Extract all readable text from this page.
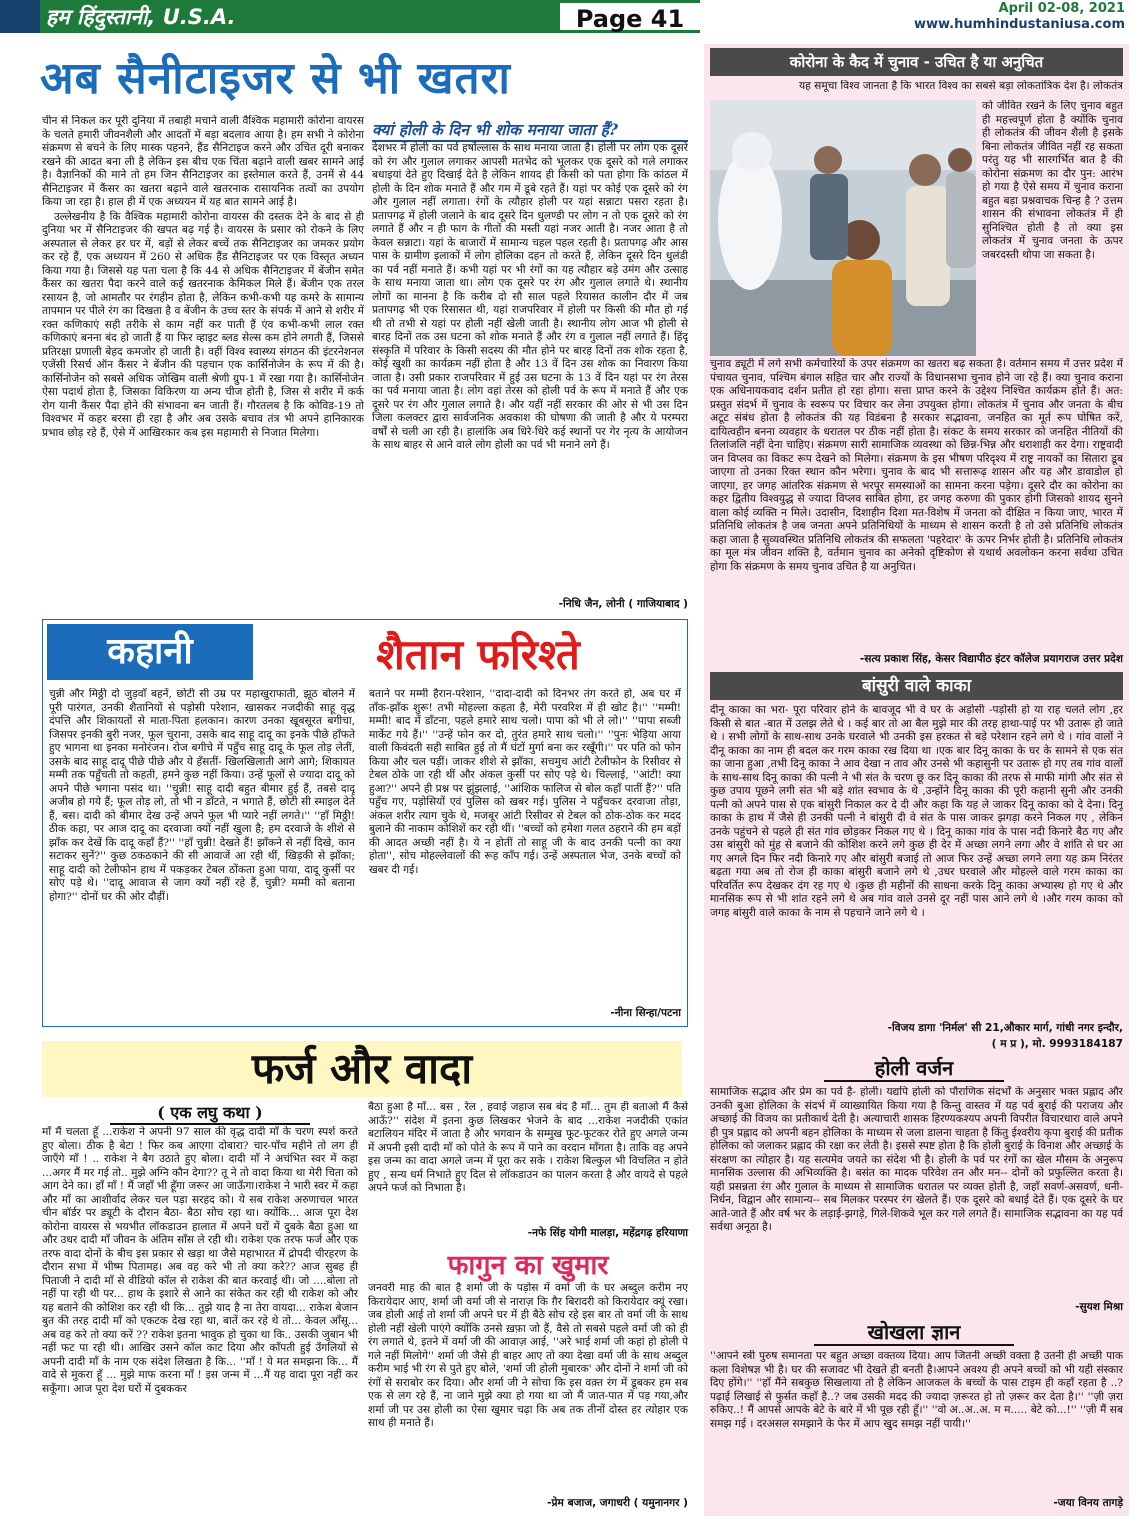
हम हिंदुस्तानी, U.S.A.	Page 41	April 02-08, 2021
www.humhindustaniusa.com
अब सैनीटाइजर से भी खतरा

चीन से निकल कर पूरी दुनिया में तबाही मचाने वाली वैश्विक महामारी कोरोना वायरस के चलते हमारी जीवनशैली और आदतों में बड़ा बदलाव आया है। हम सभी ने कोरोना संक्रमण से बचने के लिए मास्क पहनने, हैंड सैनिटाइज करने और उचित दूरी बनाकर रखने की आदत बना ली है लेकिन इस बीच एक चिंता बढ़ाने वाली खबर सामने आई है। वैज्ञानिकों की माने तो हम जिन सैनिटाइजर का इस्तेमाल करते हैं, उनमें से 44 सैनिटाइजर में कैंसर का खतरा बढ़ाने वाले खतरनाक रासायनिक तत्वों का उपयोग किया जा रहा है। हाल ही में एक अध्ययन में यह बात सामने आई है।

उल्लेखनीय है कि वैश्विक महामारी कोरोना वायरस की दस्तक देने के बाद से ही दुनिया भर में सैनिटाइजर की खपत बढ़ गई है। वायरस के प्रसार को रोकने के लिए अस्पताल से लेकर हर घर में, बड़ों से लेकर बच्चें तक सैनिटाइजर का जमकर प्रयोग कर रहे हैं, एक अध्ययन में 260 से अधिक हैंड सैनिटाइजर पर एक विस्तृत अध्यन किया गया है। जिससे यह पता चला है कि 44 से अधिक सैनिटाइजर में बेंजीन समेत कैंसर का खतरा पैदा करने वाले कई खतरनाक केमिकल मिले हैं। बेंजीन एक तरल रसायन है, जो आमतौर पर रंगहीन होता है, लेकिन कभी-कभी यह कमरे के सामान्य तापमान पर पीले रंग का दिखता है व बेंजीन के उच्च स्तर के संपर्क में आने से शरीर में रक्त कणिकाएं सही तरीके से काम नहीं कर पाती हैं एंव कभी-कभी लाल रक्त कणिकाएं बनना बंद हो जाती हैं या फिर व्हाइट ब्लड सेल्स कम होने लगती हैं, जिससे प्रतिरक्षा प्रणाली बेहद कमजोर हो जाती है। वहीं विश्व स्वास्थ्य संगठन की इंटरनेशनल एजेंसी रिसर्च ऑन कैंसर ने बेंजीन की पहचान एक कार्सिनोजेन के रूप में की है। कार्सिनोजेन को सबसे अधिक जोखिम वाली श्रेणी ग्रुप-1 में रखा गया है। कार्सिनोजेन ऐसा पदार्थ होता है, जिसका विकिरण या अन्य चीज होती है, जिस से शरीर में कर्क रोग यानी कैंसर पैदा होने की संभावना बन जाती हैं। गौरतलब है कि कोविड-19 तो विश्वभर में कहर बरसा ही रहा है और अब उसके बचाव तंत्र भी अपने हानिकारक प्रभाव छोड़ रहे हैं, ऐसे में आखिरकार कब इस महामारी से निजात मिलेगा।

क्यां होली के दिन भी शोक मनाया जाता हैं?
देशभर में होली का पर्व हर्षोल्लास के साथ मनाया जाता है। होली पर लोग एक दूसरे को रंग और गुलाल लगाकर आपसी मतभेद को भूलकर एक दूसरे को गले लगाकर बधाइयां देते हुए दिखाई देते है लेकिन शायद ही किसी को पता होगा कि कांठल में होली के दिन शोक मनाते हैं और गम में डूबे रहते हैं। यहां पर कोई एक दूसरे को रंग और गुलाल नहीं लगाता। रंगों के त्यौहार होली पर यहां सन्नाटा पसरा रहता है। प्रतापगढ़ में होली जलाने के बाद दूसरे दिन धुलण्डी पर लोग न तो एक दूसरे को रंग लगाते हैं और न ही फाग के गीतों की मस्ती यहां नजर आती है। नजर आता है तो केवल सन्नाटा। यहां के बाजारों में सामान्य चहल पहल रहती है। प्रतापगढ़ और आस पास के ग्रामीण इलाकों में लोग होलिका दहन तो करते हैं, लेकिन दूसरे दिन धुलंडी का पर्व नहीं मनाते हैं। कभी यहां पर भी रंगों का यह त्यौहार बड़े उमंग और उत्साह के साथ मनाया जाता था। लोग एक दूसरे पर रंग और गुलाल लगाते थे। स्थानीय लोगों का मानना है कि करीब दो सौ साल पहले रियासत कालीन दौर में जब प्रतापगढ़ भी एक रिसासत थी, यहां राजपरिवार में होली पर किसी की मौत हो गई थी तो तभी से यहां पर होली नहीं खेली जाती है। स्थानीय लोग आज भी होली से बारह दिनों तक उस घटना को शोक मनाते हैं और रंग व गुलाल नहीं लगाते हैं। हिंदू संस्कृति में परिवार के किसी सदस्य की मौत होने पर बारह दिनों तक शोक रहता है, कोई खुशी का कार्यक्रम नहीं होता है और 13 वें दिन उस शोक का निवारण किया जाता है। उसी प्रकार राजपरिवार में हुई उस घटना के 13 वें दिन यहां पर रंग तेरस का पर्व मनाया जाता है। लोग वहां तेरस को होली पर्व के रूप में मनाते हैं और एक दूसरे पर रंग और गुलाल लगाते है। और यहीं नहीं सरकार की ओर से भी उस दिन जिला कलक्टर द्वारा सार्वजनिक अवकाश की घोषणा की जाती है और ये परम्परा वर्षों से चली आ रही है। हालांकि अब धिरे-धिरे कई स्थानों पर गेर नृत्य के आयोजन के साथ बाहर से आने वाले लोग होली का पर्व भी मनाने लगे हैं।
-निधि जैन, लोनी ( गाजियाबाद )
कहानी	शैतान फरिश्ते
चुन्नी और मिठ्ठी दो जुड़वाँ बहनें, छोटी सी उम्र पर महाखुराफाती, झूठ बोलने में पूरी पारंगत, उनकी शैतानियों से पड़ोसी परेशान, खासकर नजदीकी साहू वृद्ध दंपत्ति और शिकायतों से माता-पिता हलकान। कारण उनका खूबसूरत बगीचा, जिसपर इनकी बुरी नजर, फूल चुराना, उसके बाद साहू दादू का इनके पीछे हाँफते हुए भागना था इनका मनोरंजन। रोज बगीचे में पहुँच साहू दादू के फूल तोड़ लेतीं, उसके बाद साहू दादू पीछे पीछे और ये हँसतीं- खिलखिलाती आगे आगे; शिकायत मम्मी तक पहुँचती तो कहती, हमने कुछ नहीं किया। उन्हें फूलों से ज्यादा दादू को अपने पीछे भगाना पसंद था। ''चुन्नी! साहू दादी बहुत बीमार हुई हैं, तबसे दादू अजीब हो गये हैं; फूल तोड़ लो, तो भी न डाँटते, न भगाते हैं, छोटी सी स्माइल देते हैं, बस। दादी को बीमार देख उन्हें अपने फूल भी प्यारे नहीं लगते।'' ''हाँ मिठ्ठी! ठीक कहा, पर आज दादू का दरवाजा क्यों नहीं खुला है; हम दरवाजे के शीशे से झाँक कर देखें कि दादू कहाँ हैं?'' ''हाँ चुन्नी! देखते हैं! झाँकने से नहीं दिखे, कान सटाकर सुनें?'' कुछ ठकठकाने की सी आवाजें आ रही थीं, खिड़की से झाँका; साहू दादी को टेलीफोन हाथ में पकड़कर टेबल ठोंकता हुआ पाया, दादू कुर्सी पर सोए पड़े थे। ''दादू आवाज से जाग क्यों नहीं रहे हैं, चुन्नी? मम्मी को बताना होगा?'' दोनों घर की ओर दौड़ीं।
बताने पर मम्मी हैरान-परेशान, ''दादा-दादी को दिनभर तंग करते हो, अब घर में ताँक-झाँक शुरू! तभी मोहल्ला कहता है, मेरी परवरिश में ही खोट है।'' ''मम्मी! मम्मी! बाद में डाँटना, पहले हमारे साथ चलो। पापा को भी ले लो।'' ''पापा सब्जी मार्केट गये हैं।'' ''उन्हें फोन कर दो, तुरंत हमारे साथ चलो।'' ''पुनः भेड़िया आया वाली किवंदती सही साबित हुई तो मैं घंटों मुर्गा बना कर रखूँगी।'' पर पति को फोन किया और चल पड़ीं। जाकर शीशे से झाँका, सचमुच आंटी टेलीफोन के रिसीवर से टेबल ठोके जा रही थीं और अंकल कुर्सी पर सोए पड़े थे। चिल्लाई, ''आंटी! क्या हुआ?'' अपने ही प्रश्न पर झुंझलाई, ''आंशिक फालिज से बोल कहाँ पातीं हैं?'' पति पहुँच गए, पड़ोसियों एवं पुलिस को खबर गई। पुलिस ने पहुँचकर दरवाजा तोड़ा, अंकल शरीर त्याग चुके थे, मजबूर आंटी रिसीवर से टेबल को ठोक-ठोक कर मदद बुलाने की नाकाम कोशिशें कर रही थीं। ''बच्चों को हमेशा गलत ठहराने की हम बड़ों की आदत अच्छी नहीं है। ये न होतीं तो साहू जी के बाद उनकी पत्नी का क्या होता'', सोच मोहल्लेवालों की रूह काँप गई। उन्हें अस्पताल भेज, उनके बच्चों को खबर दी गई।
-नीना सिन्हा/पटना
फर्ज और वादा
( एक लघु कथा )
माँ मैं चलता हूँ ...राकेश ने अपनी 97 साल की वृद्ध दादी माँ के चरण स्पर्श करते हुए बोला। ठीक है बेटा ! फिर कब आएगा दोबारा? चार-पाँच महीने तो लग ही जाएँगे माँ ! .. राकेश ने बैग उठाते हुए बोला। दादी माँ ने अचंभित स्वर में कहा ...अगर मैं मर गई तो.. मुझे अग्नि कौन देगा?? तू ने तो वादा किया था मेरी चिता को आग देने का। हाँ माँ ! मैं जहाँ भी हूँगा जरूर आ जाऊँगा।राकेश ने भारी स्वर में कहा और माँ का आशीर्वाद लेकर चल पड़ा सरहद को। ये सब राकेश अरुणाचल भारत चीन बॉर्डर पर ड्यूटी के दौरान बैठा- बैठा सोच रहा था। क्योंकि... आज पूरा देश कोरोना वायरस से भयभीत लॉकडाउन हालात में अपने घरों में दुबके बैठा हुआ था और उधर दादी माँ जीवन के अंतिम साँस ले रही थी। राकेश एक तरफ फर्ज और एक तरफ वादा दोनों के बीच इस प्रकार से खड़ा था जैसे महाभारत में द्रोपदी चीरहरण के दौरान सभा में भीष्म पितामह। अब वह करे भी तो क्या करे?? आज सुबह ही पिताजी ने दादी माँ से वीडियो कॉल से राकेश की बात करवाई थी। जो ....बोला तो नहीं पा रही थी पर... हाथ के इशारे से आने का संकेत कर रही थी राकेश को और यह बताने की कोशिश कर रही थी कि... तुझे याद है ना तेरा वायदा... राकेश बेजान बुत की तरह दादी माँ को एकटक देख रहा था, बातें कर रहे थे तो... केवल आँसू... अब वह करे तो क्या करें ?? राकेश इतना भावुक हो चुका था कि.. उसकी जुबान भी नहीं फट पा रही थी। आखिर उसने कॉल काट दिया और काँपती हुई उँगलियों से अपनी दादी माँ के नाम एक संदेश लिखता है कि... ''माँ ! ये मत समझना कि... मैं वादे से मुकरा हूँ ... मुझे माफ करना माँ ! इस जन्म में ...मैं यह वादा पूरा नहीं कर सकूँगा। आज पूरा देश घरों में दुबककर
बैठा हुआ है माँ... बस , रेल , हवाई जहाज सब बंद है माँ... तुम ही बताओ मैं कैसे आऊँ?'' संदेश में इतना कुछ लिखकर भेजने के बाद ...राकेश नजदीकी एकांत बटालियन मंदिर में जाता है और भगवान के सम्मुख फूट-फूटकर रोते हुए अगले जन्म में अपनी इसी दादी माँ को पोते के रूप में पाने का वरदान माँगता है। ताकि वह अपने इस जन्म का वादा अगले जन्म में पूरा कर सके । राकेश बिल्कुल भी विचलित न होते हुए , सन्य धर्म निभाते हुए दिल से लॉकडाउन का पालन करता है और वायदे से पहले अपने फर्ज को निभाता है।
-नफे सिंह योगी मालड़ा, महेंद्रगढ़ हरियाणा
फागुन का खुमार
जनवरी माह की बात है शर्मा जी के पड़ोस में वर्मा जी के घर अब्दुल करीम नए किरायेदार आए, शर्मा जी वर्मा जी से नाराज़ कि ग़ैर बिरादरी को किरायेदार क्यूं रखा। जब होली आई तो शर्मा जी अपने घर में ही बैठे सोच रहे इस बार तो वर्मा जी के साथ होली नहीं खेली पाएंगे क्योंकि उनसे ख़फ़ा जो हैं, वैसे तो सबसे पहले वर्मा जी को ही रंग लगाते थे, इतने में वर्मा जी की आवाज़ आई, ''अरे भाई शर्मा जी कहां हो होली पे गले नहीं मिलोगे'' शर्मा जी जैसे ही बाहर आए तो क्या देखा वर्मा जी के साथ अब्दुल करीम भाई भी रंग से पुते हुए बोले, 'शर्मा जी होली मुबारक' और दोनों ने शर्मा जी को रंगों से सराबोर कर दिया। और शर्मा जी ने सोचा कि इस वक़्त रंग में डूबकर हम सब एक से लग रहे हैं, ना जाने मुझे क्या हो गया था जो मैं जात-पात में पड़ गया,और शर्मा जी पर उस होली का ऐसा खुमार चढ़ा कि अब तक तीनों दोस्त हर त्योहार एक साथ ही मनाते हैं।
-प्रेम बजाज, जगाधरी ( यमुनानगर )
कोरोना के कैद में चुनाव - उचित है या अनुचित
यह समूचा विश्व जानता है कि भारत विश्व का सबसे बड़ा लोकतांत्रिक देश है। लोकतंत्र
को जीवित रखने के लिए चुनाव बहुत ही महत्त्वपूर्ण होता है क्योंकि चुनाव ही लोकतंत्र की जीवन शैली है इसके बिना लोकतंत्र जीवित नहीं रह सकता परंतु यह भी सारगर्भित बात है की कोरोना संक्रमण का दौर पुन: आरंभ हो गया है ऐसे समय में चुनाव कराना बहुत बड़ा प्रश्नवाचक चिन्ह है ? उत्तम शासन की संभावना लोकतंत्र में ही सुनिश्चित होती है तो क्या इस लोकतंत्र में चुनाव जनता के ऊपर जबरदस्ती थोपा जा सकता है।
चुनाव ड्यूटी में लगे सभी कर्मचारियों के उपर संक्रमण का खतरा बढ़ सकता है। वर्तमान समय में उत्तर प्रदेश में पंचायत चुनाव, पश्चिम बंगाल सहित चार और राज्यों के विधानसभा चुनाव होने जा रहे हैं। क्या चुनाव कराना एक अधिनायकवाद दर्शन प्रतीत हो रहा होगा। सत्ता प्राप्त करने के उद्देश्य निश्चित कार्यक्रम होते हैं। अत: प्रस्तुत संदर्भ में चुनाव के स्वरूप पर विचार कर लेना उपयुक्त होगा। लोकतंत्र में चुनाव और जनता के बीच अटूट संबंध होता है लोकतंत्र की यह विडंबना है सरकार सद्भावना, जनहित का मूर्त रूप घोषित करें, दायित्वहीन बनना व्यवहार के धरातल पर ठीक नहीं होता है। संकट के समय सरकार को जनहित नीतियों की तिलांजलि नहीं देना चाहिए। संक्रमण सारी सामाजिक व्यवस्था को छिन्न-भिन्न और धराशाही कर देगा। राष्ट्रवादी जन विप्लव का विकट रूप देखने को मिलेगा। संक्रमण के इस भीषण परिदृश्य में राष्ट्र नायकों का सितारा डूब जाएगा तो उनका रिक्त स्थान कौन भरेगा। चुनाव के बाद भी सत्तारूढ़ शासन और यह और डावाडोल हो जाएगा, हर जगह आंतरिक संक्रमण से भरपूर समस्याओं का सामना करना पड़ेगा। दूसरे दौर का कोरोना का कहर द्वितीय विश्वयुद्ध से ज्यादा विप्लव साबित होगा, हर जगह करुणा की पुकार होगी जिसको शायद सुनने वाला कोई व्यक्ति न मिले। उदासीन, दिशाहीन दिशा मत-विशेष में जनता को दीक्षित न किया जाए, भारत में प्रतिनिधि लोकतंत्र है जब जनता अपने प्रतिनिधियों के माध्यम से शासन करती है तो उसे प्रतिनिधि लोकतंत्र कहा जाता है सुव्यवस्थित प्रतिनिधि लोकतंत्र की सफलता 'पहरेदार' के ऊपर निर्भर होती है। प्रतिनिधि लोकतंत्र का मूल मंत्र जीवन शक्ति है, वर्तमान चुनाव का अनेको दृष्टिकोण से यथार्थ अवलोकन करना सर्वथा उचित होगा कि संक्रमण के समय चुनाव उचित है या अनुचित।
-सत्य प्रकाश सिंह, केसर विद्यापीठ इंटर कॉलेज प्रयागराज उत्तर प्रदेश
बांसुरी वाले काका
दीनू काका का भरा- पूरा परिवार होने के बावजूद भी वे घर के अड़ोसी -पड़ोसी हो या राह चलते लोग ,हर किसी से बात -बात में उलझ लेते थे । कई बार तो आ बैल मुझे मार की तरह हाथा-पाई पर भी उतारू हो जाते थे । सभी लोगों के साथ-साथ उनके घरवाले भी उनकी इस हरकत से बड़े परेशान रहने लगे थे । गांव वालों ने दीनू काका का नाम ही बदल कर गरम काका रख दिया था ।एक बार दिनू काका के घर के सामने से एक संत का जाना हुआ ,तभी दिनू काका ने आव देखा न ताव और उनसे भी कहासुनी पर उतारू हो गए तब गांव वालों के साथ-साथ दिनू काका की पत्नी ने भी संत के चरण छू कर दिनू काका की तरफ से माफी मांगी और संत से कुछ उपाय पूछने लगी संत भी बड़े शांत स्वभाव के थे ,उन्होंने दिनू काका की पूरी कहानी सुनी और उनकी पत्नी को अपने पास से एक बांसुरी निकाल कर दे दी और कहा कि यह ले जाकर दिनू काका को दे देना। दिनू काका के हाथ में जैसे ही उनकी पत्नी ने बांसुरी दी वे संत के पास जाकर झगड़ा करने निकल गए , लेकिन उनके पहुंचने से पहले ही संत गांव छोड़कर निकल गए थे । दिनू काका गांव के पास नदी किनारे बैठ गए और उस बांसुरी को मुंह से बजाने की कोशिश करने लगे कुछ ही देर में अच्छा लगने लगा और वे शांति से घर आ गए अगले दिन फिर नदी किनारे गए और बांसुरी बजाई तो आज फिर उन्हें अच्छा लगने लगा यह क्रम निरंतर बढ़ता गया अब तो रोज ही काका बांसुरी बजाने लगे थे ,उधर घरवाले और मोहल्ले वाले गरम काका का परिवर्तित रूप देखकर दंग रह गए थे ।कुछ ही महीनों की साधना करके दिनू काका अभ्यास्थ हो गए थे और मानसिक रूप से भी शांत रहने लगे थे अब गांव वाले उनसे दूर नहीं पास आने लगे थे ।और गरम काका को जगह बांसुरी वाले काका के नाम से पहचाने जाने लगे थे ।
-विजय डागा 'निर्मल' सी 21,औकार मार्ग, गांधी नगर इन्दौर,
( म प्र ), मो. 9993184187
होली वर्जन
सामाजिक सद्भाव और प्रेम का पर्व है- होली। यद्यपि होली को पौराणिक संदर्भों के अनुसार भक्त प्रह्लाद और उनकी बुआ होलिका के संदर्भ में व्याख्यायित किया गया है किन्तु वास्तव में यह पर्व बुराई की पराजय और अच्छाई की विजय का प्रतीकार्थ देती है। अत्याचारी शासक हिरण्यकश्यप अपनी विपरीत विचारधारा वाले अपने ही पुत्र प्रह्लाद को अपनी बहन होलिका के माध्यम से जला डालना चाहता है किंतु ईश्वरीय कृपा बुराई की प्रतीक होलिका को जलाकर प्रह्लाद की रक्षा कर लेती है। इससे स्पष्ट होता है कि होली बुराई के विनाश और अच्छाई के संरक्षण का त्योहार है। यह सत्यमेव जयते का संदेश भी है। होली के पर्व पर रंगों का खेल मौसम के अनुरूप मानसिक उल्लास की अभिव्यक्ति है। बसंत का मादक परिवेश तन और मन-- दोनों को प्रफुल्लित करता है। यही प्रसन्नता रंग और गुलाल के माध्यम से सामाजिक धरातल पर व्यक्त होती है, जहाँ सवर्ण-असवर्ण, धनी-निर्धन, विद्वान और सामान्य-- सब मिलकर परस्पर रंग खेलते हैं। एक दूसरे को बधाई देते हैं। एक दूसरे के घर आते-जाते हैं और वर्ष भर के लड़ाई-झगड़े, गिले-शिकवे भूल कर गले लगते हैं। सामाजिक सद्भावना का यह पर्व सर्वथा अनूठा है।
-सुयश मिश्रा
खोखला ज्ञान
''आपने स्त्री पुरुष समानता पर बहुत अच्छा वक्तव्य दिया। आप जितनी अच्छी वक्ता है उतनी ही अच्छी पाक कला विशेषज्ञ भी है। घर की सजावट भी देखते ही बनती है।आपने अवश्य ही अपने बच्चों को भी यही संस्कार दिए होंगे।'' ''हाँ मैंने सबकुछ सिखलाया तो है लेकिन आजकल के बच्चों के पास टाइम ही कहाँ रहता है ..? पढ़ाई लिखाई से फुर्सत कहाँ है..? जब उसकी मदद की ज्यादा ज़रूरत हो तो ज़रूर कर देता है।'' ''ज़ी ज़रा रुकिए..! मैं आपसे आपके बेटे के बारे में भी पूछ रही हूँ।'' ''वो अ..अ..अ. म म..... बेटे को...!'' ''ज़ी मैं सब समझ गई । दरअसल समझाने के फेर में आप खुद समझ नहीं पायी।''
-जया विनय तागड़े
